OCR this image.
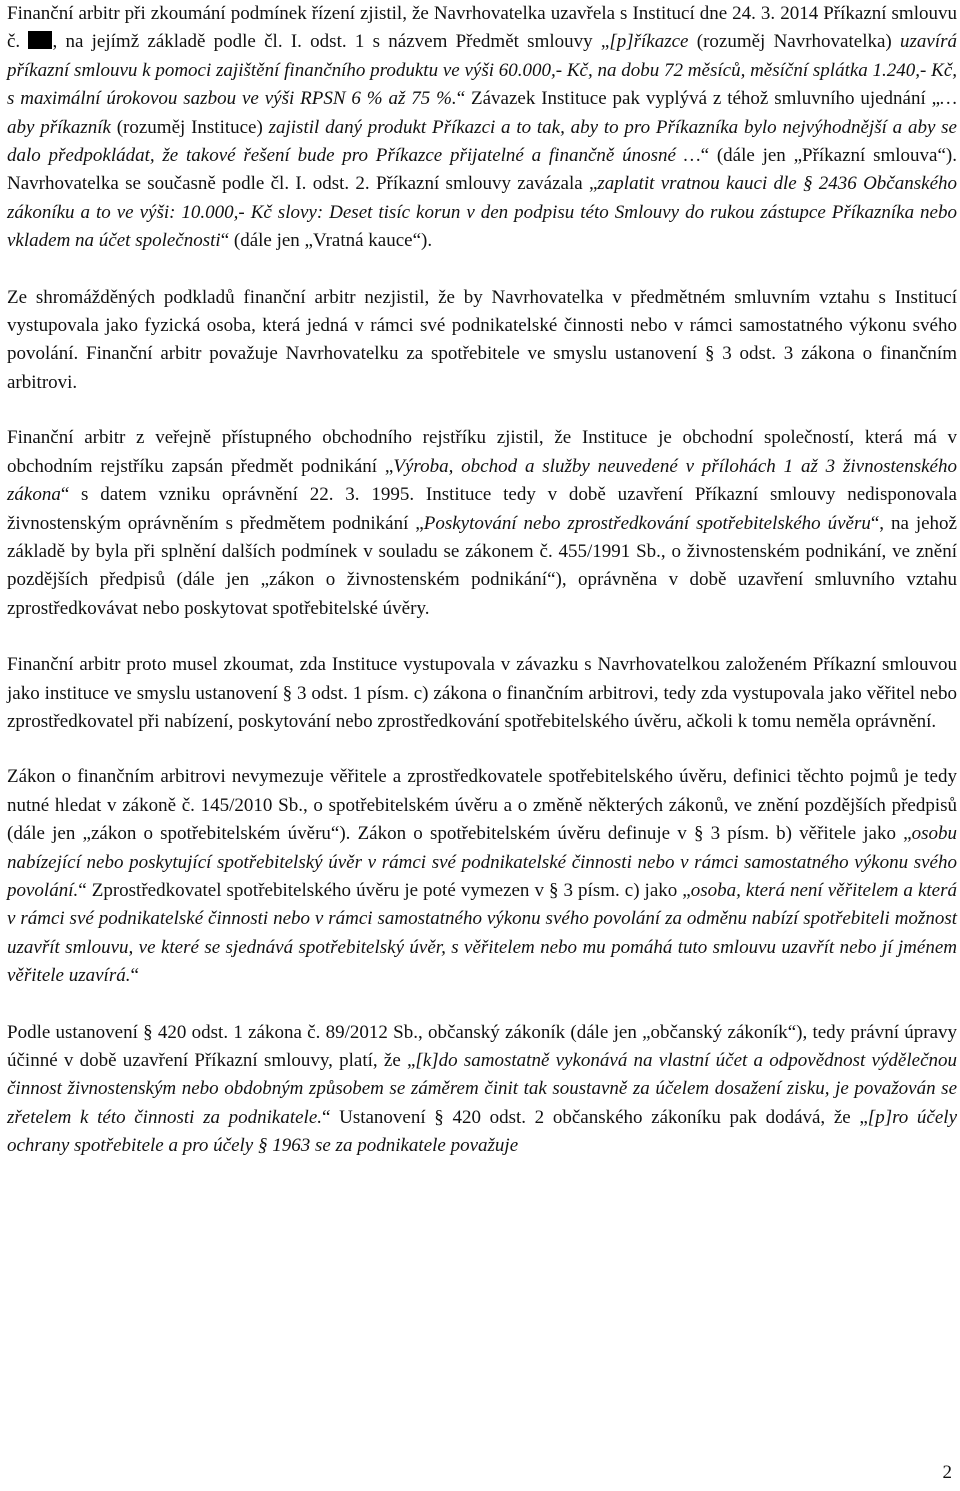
Finanční arbitr při zkoumání podmínek řízení zjistil, že Navrhovatelka uzavřela s Institucí dne 24. 3. 2014 Příkazní smlouvu č. , na jejímž základě podle čl. I. odst. 1 s názvem Předmět smlouvy „[p]říkazce (rozuměj Navrhovatelka) uzavírá příkazní smlouvu k pomoci zajištění finančního produktu ve výši 60.000,- Kč, na dobu 72 měsíců, měsíční splátka 1.240,- Kč, s maximální úrokovou sazbou ve výši RPSN 6 % až 75 %.“ Závazek Instituce pak vyplývá z téhož smluvního ujednání „…aby příkazník (rozuměj Instituce) zajistil daný produkt Příkazci a to tak, aby to pro Příkazníka bylo nejvýhodnější a aby se dalo předpokládat, že takové řešení bude pro Příkazce přijatelné a finančně únosné …“ (dále jen „Příkazní smlouva“). Navrhovatelka se současně podle čl. I. odst. 2. Příkazní smlouvy zavázala „zaplatit vratnou kauci dle § 2436 Občanského zákoníku a to ve výši: 10.000,- Kč slovy: Deset tisíc korun v den podpisu této Smlouvy do rukou zástupce Příkazníka nebo vkladem na účet společnosti“ (dále jen „Vratná kauce“).

Ze shromážděných podkladů finanční arbitr nezjistil, že by Navrhovatelka v předmětném smluvním vztahu s Institucí vystupovala jako fyzická osoba, která jedná v rámci své podnikatelské činnosti nebo v rámci samostatného výkonu svého povolání. Finanční arbitr považuje Navrhovatelku za spotřebitele ve smyslu ustanovení § 3 odst. 3 zákona o finančním arbitrovi.

Finanční arbitr z veřejně přístupného obchodního rejstříku zjistil, že Instituce je obchodní společností, která má v obchodním rejstříku zapsán předmět podnikání „Výroba, obchod a služby neuvedené v přílohách 1 až 3 živnostenského zákona“ s datem vzniku oprávnění 22. 3. 1995. Instituce tedy v době uzavření Příkazní smlouvy nedisponovala živnostenským oprávněním s předmětem podnikání „Poskytování nebo zprostředkování spotřebitelského úvěru“, na jehož základě by byla při splnění dalších podmínek v souladu se zákonem č. 455/1991 Sb., o živnostenském podnikání, ve znění pozdějších předpisů (dále jen „zákon o živnostenském podnikání“), oprávněna v době uzavření smluvního vztahu zprostředkovávat nebo poskytovat spotřebitelské úvěry.

Finanční arbitr proto musel zkoumat, zda Instituce vystupovala v závazku s Navrhovatelkou založeném Příkazní smlouvou jako instituce ve smyslu ustanovení § 3 odst. 1 písm. c) zákona o finančním arbitrovi, tedy zda vystupovala jako věřitel nebo zprostředkovatel při nabízení, poskytování nebo zprostředkování spotřebitelského úvěru, ačkoli k tomu neměla oprávnění.

Zákon o finančním arbitrovi nevymezuje věřitele a zprostředkovatele spotřebitelského úvěru, definici těchto pojmů je tedy nutné hledat v zákoně č. 145/2010 Sb., o spotřebitelském úvěru a o změně některých zákonů, ve znění pozdějších předpisů (dále jen „zákon o spotřebitelském úvěru“). Zákon o spotřebitelském úvěru definuje v § 3 písm. b) věřitele jako „osobu nabízející nebo poskytující spotřebitelský úvěr v rámci své podnikatelské činnosti nebo v rámci samostatného výkonu svého povolání.“ Zprostředkovatel spotřebitelského úvěru je poté vymezen v § 3 písm. c) jako „osoba, která není věřitelem a která v rámci své podnikatelské činnosti nebo v rámci samostatného výkonu svého povolání za odměnu nabízí spotřebiteli možnost uzavřít smlouvu, ve které se sjednává spotřebitelský úvěr, s věřitelem nebo mu pomáhá tuto smlouvu uzavřít nebo jí jménem věřitele uzavírá.“

Podle ustanovení § 420 odst. 1 zákona č. 89/2012 Sb., občanský zákoník (dále jen „občanský zákoník“), tedy právní úpravy účinné v době uzavření Příkazní smlouvy, platí, že „[k]do samostatně vykonává na vlastní účet a odpovědnost výdělečnou činnost živnostenským nebo obdobným způsobem se záměrem činit tak soustavně za účelem dosažení zisku, je považován se zřetelem k této činnosti za podnikatele.“ Ustanovení § 420 odst. 2 občanského zákoníku pak dodává, že „[p]ro účely ochrany spotřebitele a pro účely § 1963 se za podnikatele považuje

2
